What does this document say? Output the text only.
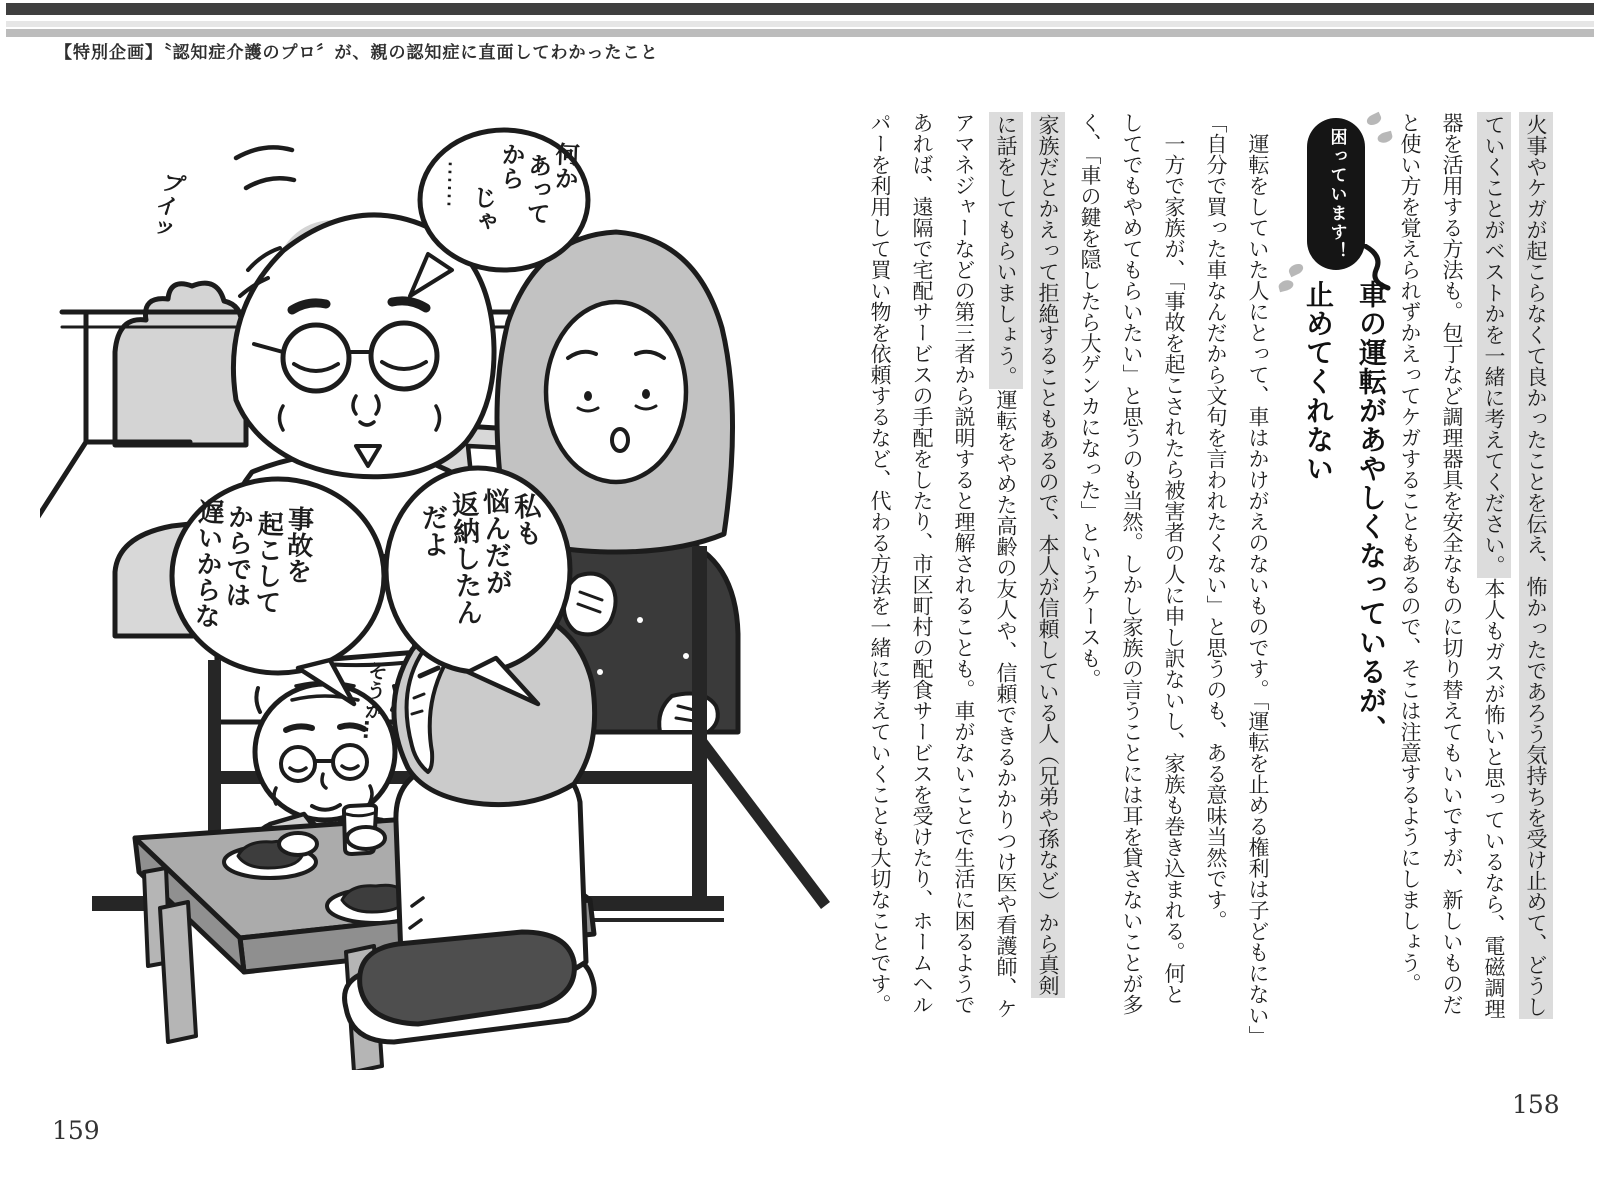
【特別企画】〝認知症介護のプロ〞が、親の認知症に直面してわかったこと
火事やケガが起こらなくて良かったことを伝え、怖かったであろう気持ちを受け止めて、どうし
ていくことがベストかを一緒に考えてください。本人もガスが怖いと思っているなら、電磁調理
器を活用する方法も。包丁など調理器具を安全なものに切り替えてもいいですが、新しいものだ
と使い方を覚えられずかえってケガすることもあるので、そこは注意するようにしましょう。
困っています！
車の運転があやしくなっているが、
止めてくれない
運転をしていた人にとって、車はかけがえのないものです。「運転を止める権利は子どもにない」
「自分で買った車なんだから文句を言われたくない」と思うのも、ある意味当然です。
一方で家族が、「事故を起こされたら被害者の人に申し訳ないし、家族も巻き込まれる。何と
してでもやめてもらいたい」と思うのも当然。しかし家族の言うことには耳を貸さないことが多
く、「車の鍵を隠したら大ゲンカになった」というケースも。
家族だとかえって拒絶することもあるので、本人が信頼している人（兄弟や孫など）から真剣
に話をしてもらいましょう。運転をやめた高齢の友人や、信頼できるかかりつけ医や看護師、ケ
アマネジャーなどの第三者から説明すると理解されることも。車がないことで生活に困るようで
あれば、遠隔で宅配サービスの手配をしたり、市区町村の配食サービスを受けたり、ホームヘル
パーを利用して買い物を依頼するなど、代わる方法を一緒に考えていくことも大切なことです。
プイッ
何か
あって
から
じゃ
……
私も
悩んだが
返納したん
だよ
事故を
起こして
からでは
遅いからな
そうか…
159
158
